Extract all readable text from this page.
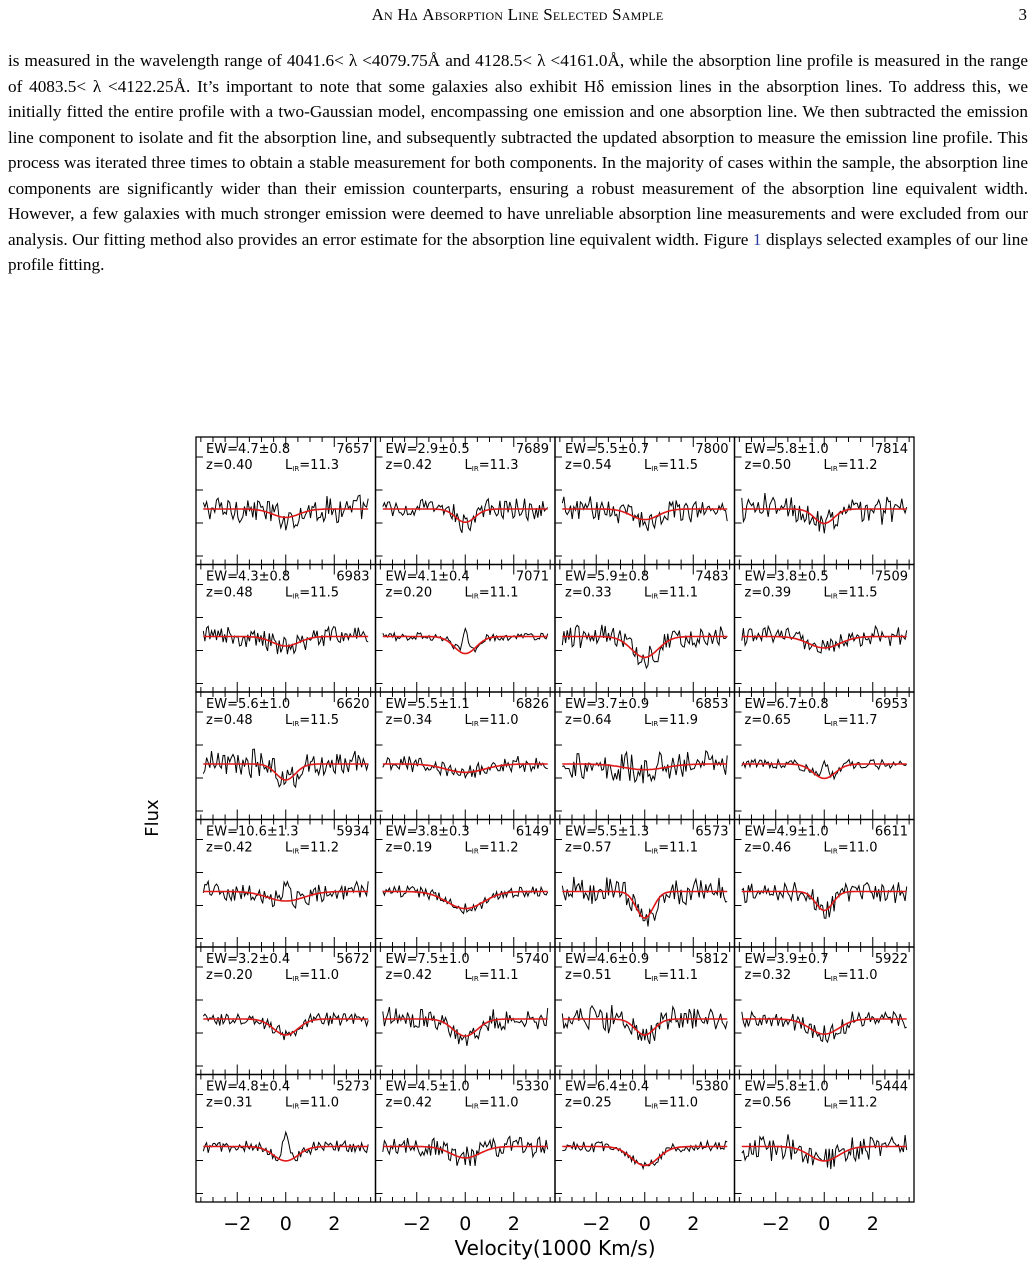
An Hδ Absorption Line Selected Sample	3

is measured in the wavelength range of 4041.6< λ <4079.75Å and 4128.5< λ <4161.0Å, while the absorption line profile is measured in the range of 4083.5< λ <4122.25Å. It’s important to note that some galaxies also exhibit Hδ emission lines in the absorption lines. To address this, we initially fitted the entire profile with a two-Gaussian model, encompassing one emission and one absorption line. We then subtracted the emission line component to isolate and fit the absorption line, and subsequently subtracted the updated absorption to measure the emission line profile. This process was iterated three times to obtain a stable measurement for both components. In the majority of cases within the sample, the absorption line components are significantly wider than their emission counterparts, ensuring a robust measurement of the absorption line equivalent width. However, a few galaxies with much stronger emission were deemed to have unreliable absorption line measurements and were excluded from our analysis. Our fitting method also provides an error estimate for the absorption line equivalent width. Figure 1 displays selected examples of our line profile fitting.

EW=4.7±0.8	7657
z=0.40 LIR=11.3
EW=2.9±0.5	7689
z=0.42 LIR=11.3
EW=5.5±0.7	7800
z=0.54 LIR=11.5
EW=5.8±1.0	7814
z=0.50 LIR=11.2
EW=4.3±0.8	6983
z=0.48 LIR=11.5
EW=4.1±0.4	7071
z=0.20 LIR=11.1
EW=5.9±0.8	7483
z=0.33 LIR=11.1
EW=3.8±0.5	7509
z=0.39 LIR=11.5
EW=5.6±1.0	6620
z=0.48 LIR=11.5
EW=5.5±1.1	6826
z=0.34 LIR=11.0
EW=3.7±0.9	6853
z=0.64 LIR=11.9
EW=6.7±0.8	6953
z=0.65 LIR=11.7
EW=10.6±1.3	5934
z=0.42 LIR=11.2
EW=3.8±0.3	6149
z=0.19 LIR=11.2
EW=5.5±1.3	6573
z=0.57 LIR=11.1
EW=4.9±1.0	6611
z=0.46 LIR=11.0
EW=3.2±0.4	5672
z=0.20 LIR=11.0
EW=7.5±1.0	5740
z=0.42 LIR=11.1
EW=4.6±0.9	5812
z=0.51 LIR=11.1
EW=3.9±0.7	5922
z=0.32 LIR=11.0
EW=4.8±0.4	5273
z=0.31 LIR=11.0
EW=4.5±1.0	5330
z=0.42 LIR=11.0
EW=6.4±0.4	5380
z=0.25 LIR=11.0
EW=5.8±1.0	5444
z=0.56 LIR=11.2
−2 0 2	−2 0 2	−2 0 2	−2 0 2
Flux
Velocity(1000 Km/s)
